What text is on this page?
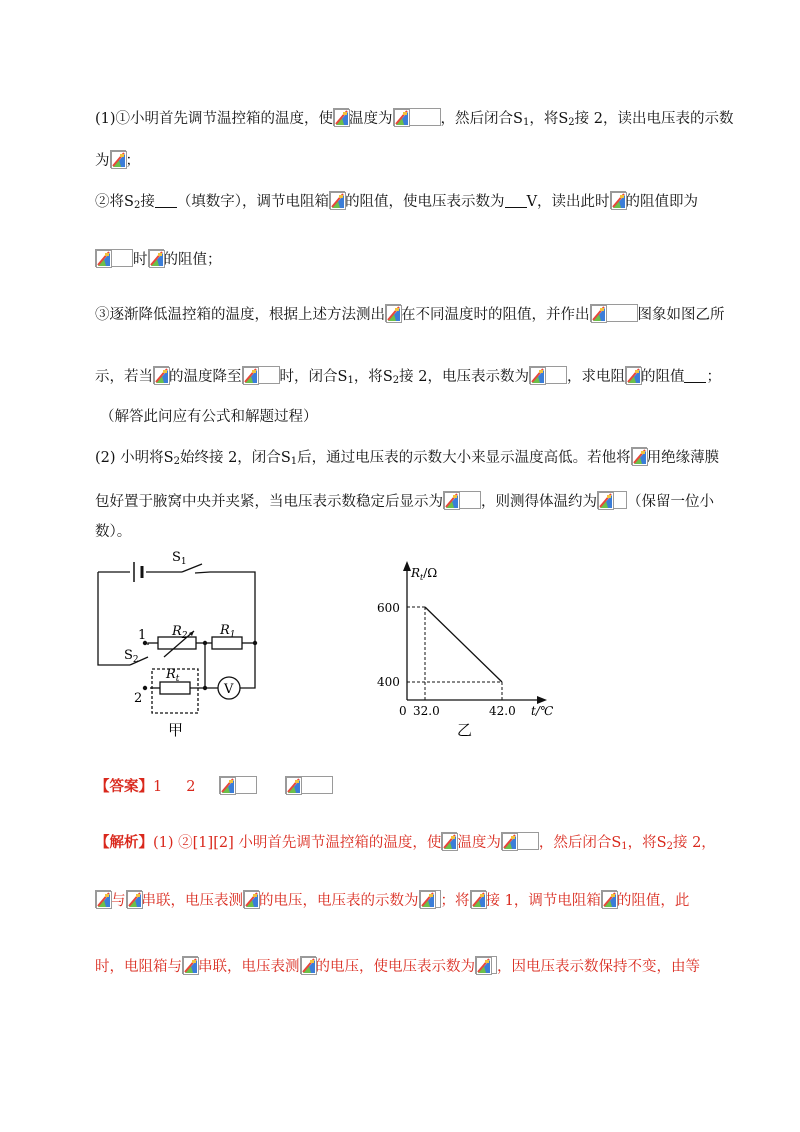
(1)①小明首先调节温控箱的温度，使 温度为	，然后闭合$S_1$，将$S_2$接 2，读出电压表的示数
为 ；
②将$S_2$接 （填数字），调节电阻箱 的阻值，使电压表示数为 V，读出此时 的阻值即为
时 的阻值；
③逐渐降低温控箱的温度，根据上述方法测出 在不同温度时的阻值，并作出	图象如图乙所
示，若当 的温度降至	时，闭合$S_1$，将$S_2$接 2，电压表示数为	，求电阻 的阻值 ；
（解答此问应有公式和解题过程）
(2) 小明将$S_2$始终接 2，闭合$S_1$后，通过电压表的示数大小来显示温度高低。若他将 用绝缘薄膜
包好置于腋窝中央并夹紧，当电压表示数稳定后显示为	，则测得体温约为 （保留一位小
数）。
$S_1$
$R_2$ $R_1$
$S_2$
1
2
$R_t$
V
甲
$R_t/\Omega$
600
400
0 32.0	42.0 t/℃
乙
【答案】1 2
【解析】(1) ②[1][2] 小明首先调节温控箱的温度，使 温度为	，然后闭合$S_1$，将$S_2$接 2，
与 串联，电压表测 的电压，电压表的示数为 ；将 接 1，调节电阻箱 的阻值，此
时，电阻箱与 串联，电压表测 的电压，使电压表示数为 ，因电压表示数保持不变，由等
